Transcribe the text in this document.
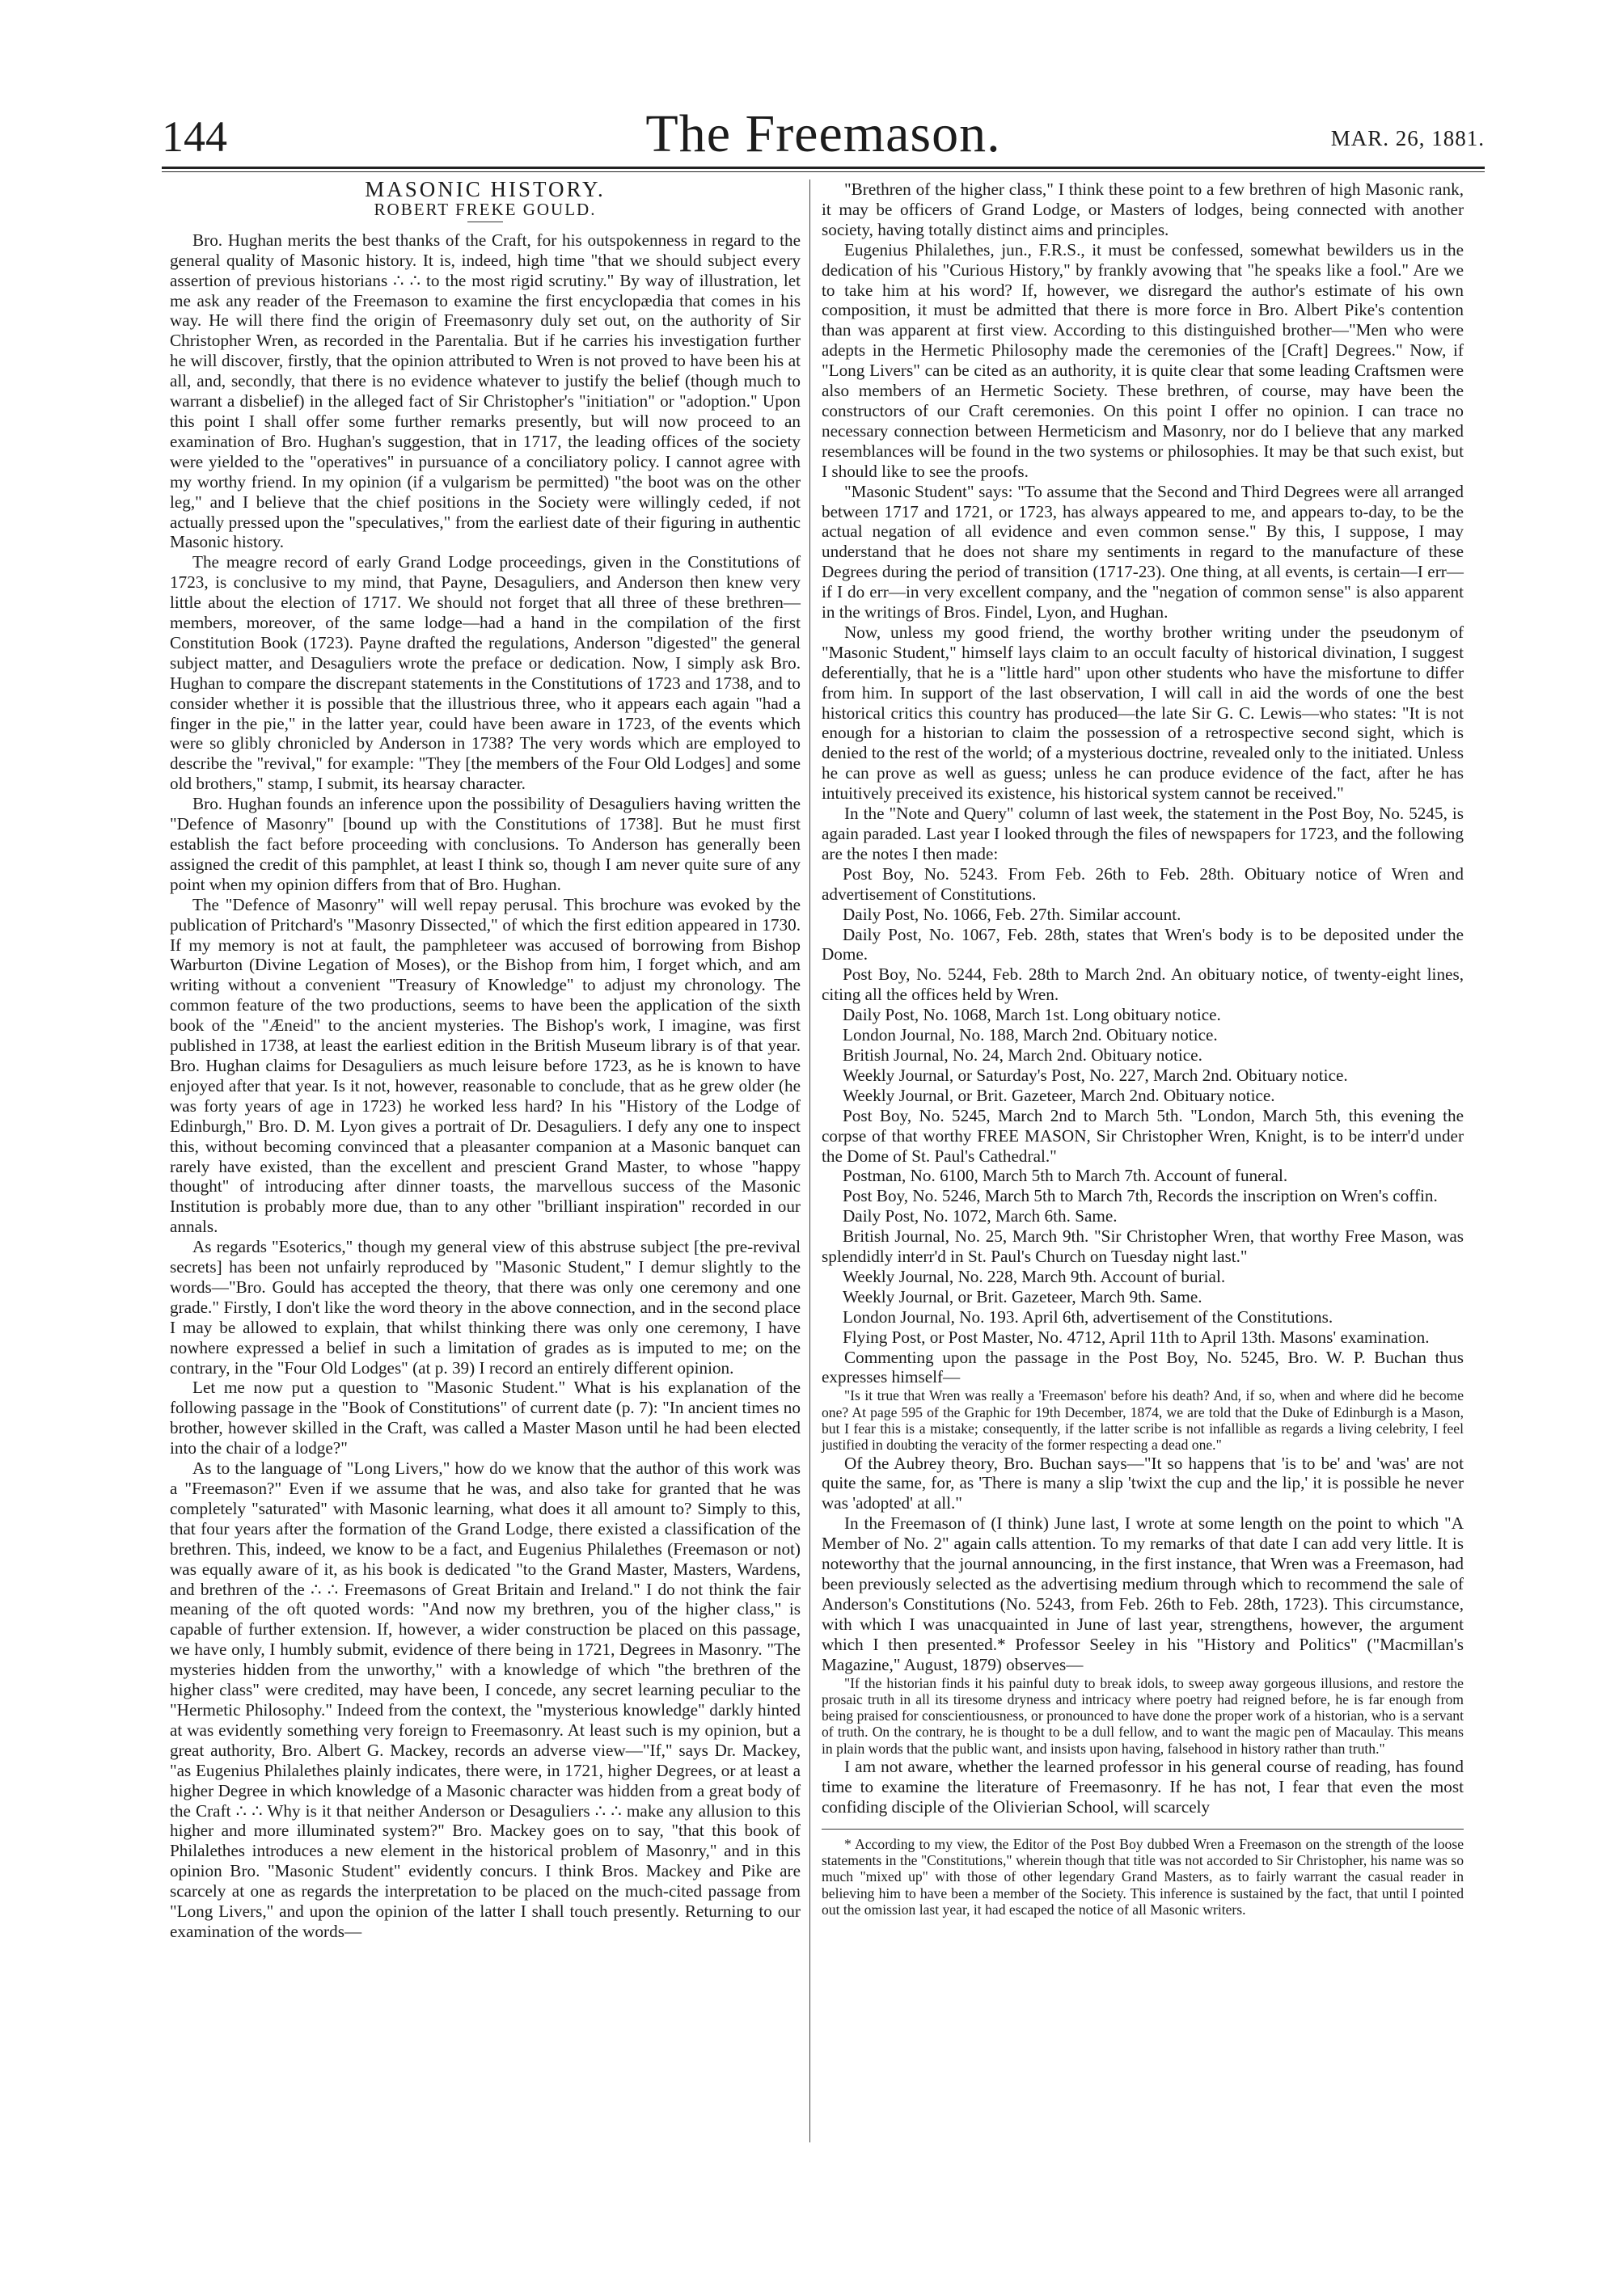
144	The Freemason.	MAR. 26, 1881.

MASONIC HISTORY.

ROBERT FREKE GOULD.

Bro. Hughan merits the best thanks of the Craft, for his outspokenness in regard to the general quality of Masonic history. It is, indeed, high time "that we should subject every assertion of previous historians ∴ ∴ to the most rigid scrutiny." By way of illustration, let me ask any reader of the Freemason to examine the first encyclopædia that comes in his way. He will there find the origin of Freemasonry duly set out, on the authority of Sir Christopher Wren, as recorded in the Parentalia. But if he carries his investigation further he will discover, firstly, that the opinion attributed to Wren is not proved to have been his at all, and, secondly, that there is no evidence whatever to justify the belief (though much to warrant a disbelief) in the alleged fact of Sir Christopher's "initiation" or "adoption." Upon this point I shall offer some further remarks presently, but will now proceed to an examination of Bro. Hughan's suggestion, that in 1717, the leading offices of the society were yielded to the "operatives" in pursuance of a conciliatory policy. I cannot agree with my worthy friend. In my opinion (if a vulgarism be permitted) "the boot was on the other leg," and I believe that the chief positions in the Society were willingly ceded, if not actually pressed upon the "speculatives," from the earliest date of their figuring in authentic Masonic history.

The meagre record of early Grand Lodge proceedings, given in the Constitutions of 1723, is conclusive to my mind, that Payne, Desaguliers, and Anderson then knew very little about the election of 1717. We should not forget that all three of these brethren—members, moreover, of the same lodge—had a hand in the compilation of the first Constitution Book (1723). Payne drafted the regulations, Anderson "digested" the general subject matter, and Desaguliers wrote the preface or dedication. Now, I simply ask Bro. Hughan to compare the discrepant statements in the Constitutions of 1723 and 1738, and to consider whether it is possible that the illustrious three, who it appears each again "had a finger in the pie," in the latter year, could have been aware in 1723, of the events which were so glibly chronicled by Anderson in 1738? The very words which are employed to describe the "revival," for example: "They [the members of the Four Old Lodges] and some old brothers," stamp, I submit, its hearsay character.

Bro. Hughan founds an inference upon the possibility of Desaguliers having written the "Defence of Masonry" [bound up with the Constitutions of 1738]. But he must first establish the fact before proceeding with conclusions. To Anderson has generally been assigned the credit of this pamphlet, at least I think so, though I am never quite sure of any point when my opinion differs from that of Bro. Hughan.

The "Defence of Masonry" will well repay perusal. This brochure was evoked by the publication of Pritchard's "Masonry Dissected," of which the first edition appeared in 1730. If my memory is not at fault, the pamphleteer was accused of borrowing from Bishop Warburton (Divine Legation of Moses), or the Bishop from him, I forget which, and am writing without a convenient "Treasury of Knowledge" to adjust my chronology. The common feature of the two productions, seems to have been the application of the sixth book of the "Æneid" to the ancient mysteries. The Bishop's work, I imagine, was first published in 1738, at least the earliest edition in the British Museum library is of that year. Bro. Hughan claims for Desaguliers as much leisure before 1723, as he is known to have enjoyed after that year. Is it not, however, reasonable to conclude, that as he grew older (he was forty years of age in 1723) he worked less hard? In his "History of the Lodge of Edinburgh," Bro. D. M. Lyon gives a portrait of Dr. Desaguliers. I defy any one to inspect this, without becoming convinced that a pleasanter companion at a Masonic banquet can rarely have existed, than the excellent and prescient Grand Master, to whose "happy thought" of introducing after dinner toasts, the marvellous success of the Masonic Institution is probably more due, than to any other "brilliant inspiration" recorded in our annals.

As regards "Esoterics," though my general view of this abstruse subject [the pre-revival secrets] has been not unfairly reproduced by "Masonic Student," I demur slightly to the words—"Bro. Gould has accepted the theory, that there was only one ceremony and one grade." Firstly, I don't like the word theory in the above connection, and in the second place I may be allowed to explain, that whilst thinking there was only one ceremony, I have nowhere expressed a belief in such a limitation of grades as is imputed to me; on the contrary, in the "Four Old Lodges" (at p. 39) I record an entirely different opinion.

Let me now put a question to "Masonic Student." What is his explanation of the following passage in the "Book of Constitutions" of current date (p. 7): "In ancient times no brother, however skilled in the Craft, was called a Master Mason until he had been elected into the chair of a lodge?"

As to the language of "Long Livers," how do we know that the author of this work was a "Freemason?" Even if we assume that he was, and also take for granted that he was completely "saturated" with Masonic learning, what does it all amount to? Simply to this, that four years after the formation of the Grand Lodge, there existed a classification of the brethren. This, indeed, we know to be a fact, and Eugenius Philalethes (Freemason or not) was equally aware of it, as his book is dedicated "to the Grand Master, Masters, Wardens, and brethren of the ∴ ∴ Freemasons of Great Britain and Ireland." I do not think the fair meaning of the oft quoted words: "And now my brethren, you of the higher class," is capable of further extension. If, however, a wider construction be placed on this passage, we have only, I humbly submit, evidence of there being in 1721, Degrees in Masonry. "The mysteries hidden from the unworthy," with a knowledge of which "the brethren of the higher class" were credited, may have been, I concede, any secret learning peculiar to the "Hermetic Philosophy." Indeed from the context, the "mysterious knowledge" darkly hinted at was evidently something very foreign to Freemasonry. At least such is my opinion, but a great authority, Bro. Albert G. Mackey, records an adverse view—"If," says Dr. Mackey, "as Eugenius Philalethes plainly indicates, there were, in 1721, higher Degrees, or at least a higher Degree in which knowledge of a Masonic character was hidden from a great body of the Craft ∴ ∴ Why is it that neither Anderson or Desaguliers ∴ ∴ make any allusion to this higher and more illuminated system?" Bro. Mackey goes on to say, "that this book of Philalethes introduces a new element in the historical problem of Masonry," and in this opinion Bro. "Masonic Student" evidently concurs. I think Bros. Mackey and Pike are scarcely at one as regards the interpretation to be placed on the much-cited passage from "Long Livers," and upon the opinion of the latter I shall touch presently. Returning to our examination of the words—

"Brethren of the higher class," I think these point to a few brethren of high Masonic rank, it may be officers of Grand Lodge, or Masters of lodges, being connected with another society, having totally distinct aims and principles.

Eugenius Philalethes, jun., F.R.S., it must be confessed, somewhat bewilders us in the dedication of his "Curious History," by frankly avowing that "he speaks like a fool." Are we to take him at his word? If, however, we disregard the author's estimate of his own composition, it must be admitted that there is more force in Bro. Albert Pike's contention than was apparent at first view. According to this distinguished brother—"Men who were adepts in the Hermetic Philosophy made the ceremonies of the [Craft] Degrees." Now, if "Long Livers" can be cited as an authority, it is quite clear that some leading Craftsmen were also members of an Hermetic Society. These brethren, of course, may have been the constructors of our Craft ceremonies. On this point I offer no opinion. I can trace no necessary connection between Hermeticism and Masonry, nor do I believe that any marked resemblances will be found in the two systems or philosophies. It may be that such exist, but I should like to see the proofs.

"Masonic Student" says: "To assume that the Second and Third Degrees were all arranged between 1717 and 1721, or 1723, has always appeared to me, and appears to-day, to be the actual negation of all evidence and even common sense." By this, I suppose, I may understand that he does not share my sentiments in regard to the manufacture of these Degrees during the period of transition (1717-23). One thing, at all events, is certain—I err—if I do err—in very excellent company, and the "negation of common sense" is also apparent in the writings of Bros. Findel, Lyon, and Hughan.

Now, unless my good friend, the worthy brother writing under the pseudonym of "Masonic Student," himself lays claim to an occult faculty of historical divination, I suggest deferentially, that he is a "little hard" upon other students who have the misfortune to differ from him. In support of the last observation, I will call in aid the words of one the best historical critics this country has produced—the late Sir G. C. Lewis—who states: "It is not enough for a historian to claim the possession of a retrospective second sight, which is denied to the rest of the world; of a mysterious doctrine, revealed only to the initiated. Unless he can prove as well as guess; unless he can produce evidence of the fact, after he has intuitively preceived its existence, his historical system cannot be received."

In the "Note and Query" column of last week, the statement in the Post Boy, No. 5245, is again paraded. Last year I looked through the files of newspapers for 1723, and the following are the notes I then made:

Post Boy, No. 5243. From Feb. 26th to Feb. 28th. Obituary notice of Wren and advertisement of Constitutions.

Daily Post, No. 1066, Feb. 27th. Similar account.

Daily Post, No. 1067, Feb. 28th, states that Wren's body is to be deposited under the Dome.

Post Boy, No. 5244, Feb. 28th to March 2nd. An obituary notice, of twenty-eight lines, citing all the offices held by Wren.

Daily Post, No. 1068, March 1st. Long obituary notice.

London Journal, No. 188, March 2nd. Obituary notice.

British Journal, No. 24, March 2nd. Obituary notice.

Weekly Journal, or Saturday's Post, No. 227, March 2nd. Obituary notice.

Weekly Journal, or Brit. Gazeteer, March 2nd. Obituary notice.

Post Boy, No. 5245, March 2nd to March 5th. "London, March 5th, this evening the corpse of that worthy FREE MASON, Sir Christopher Wren, Knight, is to be interr'd under the Dome of St. Paul's Cathedral."

Postman, No. 6100, March 5th to March 7th. Account of funeral.

Post Boy, No. 5246, March 5th to March 7th, Records the inscription on Wren's coffin.

Daily Post, No. 1072, March 6th. Same.

British Journal, No. 25, March 9th. "Sir Christopher Wren, that worthy Free Mason, was splendidly interr'd in St. Paul's Church on Tuesday night last."

Weekly Journal, No. 228, March 9th. Account of burial.

Weekly Journal, or Brit. Gazeteer, March 9th. Same.

London Journal, No. 193. April 6th, advertisement of the Constitutions.

Flying Post, or Post Master, No. 4712, April 11th to April 13th. Masons' examination.

Commenting upon the passage in the Post Boy, No. 5245, Bro. W. P. Buchan thus expresses himself—

"Is it true that Wren was really a 'Freemason' before his death? And, if so, when and where did he become one? At page 595 of the Graphic for 19th December, 1874, we are told that the Duke of Edinburgh is a Mason, but I fear this is a mistake; consequently, if the latter scribe is not infallible as regards a living celebrity, I feel justified in doubting the veracity of the former respecting a dead one."

Of the Aubrey theory, Bro. Buchan says—"It so happens that 'is to be' and 'was' are not quite the same, for, as 'There is many a slip 'twixt the cup and the lip,' it is possible he never was 'adopted' at all."

In the Freemason of (I think) June last, I wrote at some length on the point to which "A Member of No. 2" again calls attention. To my remarks of that date I can add very little. It is noteworthy that the journal announcing, in the first instance, that Wren was a Freemason, had been previously selected as the advertising medium through which to recommend the sale of Anderson's Constitutions (No. 5243, from Feb. 26th to Feb. 28th, 1723). This circumstance, with which I was unacquainted in June of last year, strengthens, however, the argument which I then presented.* Professor Seeley in his "History and Politics" ("Macmillan's Magazine," August, 1879) observes—

"If the historian finds it his painful duty to break idols, to sweep away gorgeous illusions, and restore the prosaic truth in all its tiresome dryness and intricacy where poetry had reigned before, he is far enough from being praised for conscientiousness, or pronounced to have done the proper work of a historian, who is a servant of truth. On the contrary, he is thought to be a dull fellow, and to want the magic pen of Macaulay. This means in plain words that the public want, and insists upon having, falsehood in history rather than truth."

I am not aware, whether the learned professor in his general course of reading, has found time to examine the literature of Freemasonry. If he has not, I fear that even the most confiding disciple of the Olivierian School, will scarcely

* According to my view, the Editor of the Post Boy dubbed Wren a Freemason on the strength of the loose statements in the "Constitutions," wherein though that title was not accorded to Sir Christopher, his name was so much "mixed up" with those of other legendary Grand Masters, as to fairly warrant the casual reader in believing him to have been a member of the Society. This inference is sustained by the fact, that until I pointed out the omission last year, it had escaped the notice of all Masonic writers.
